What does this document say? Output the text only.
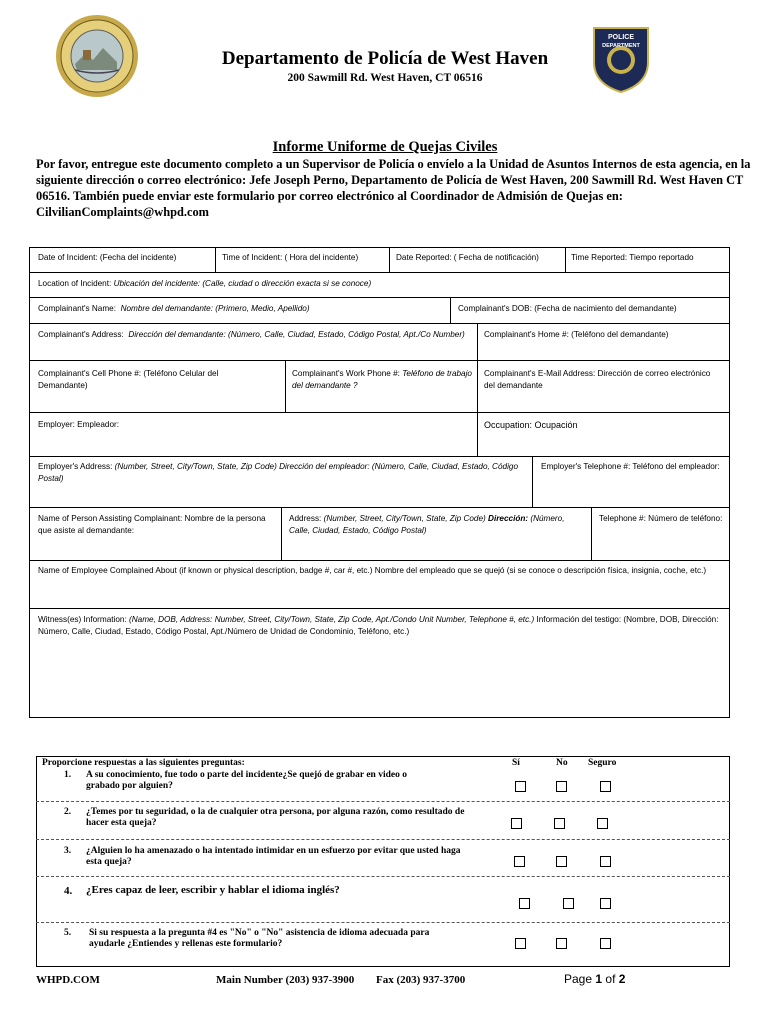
POLICE
DEPARTMENT
Departamento de Policía de West Haven
200 Sawmill Rd. West Haven, CT 06516
Informe Uniforme de Quejas Civiles
Por favor, entregue este documento completo a un Supervisor de Policía o envíelo a la Unidad de Asuntos Internos de esta agencia, en la siguiente dirección o correo electrónico: Jefe Joseph Perno, Departamento de Policía de West Haven, 200 Sawmill Rd. West Haven CT 06516. También puede enviar este formulario por correo electrónico al Coordinador de Admisión de Quejas en: CilvilianComplaints@whpd.com
Date of Incident: (Fecha del incidente)	Time of Incident: ( Hora del incidente)	Date Reported: ( Fecha de notificación)	Time Reported: Tiempo reportado
Location of Incident: Ubicación del incidente: (Calle, ciudad o dirección exacta si se conoce)
Complainant's Name: Nombre del demandante: (Primero, Medio, Apellido)	Complainant's DOB: (Fecha de nacimiento del demandante)
Complainant's Address: Dirección del demandante: (Número, Calle, Ciudad, Estado, Código Postal, Apt./Co Number)	Complainant's Home #: (Teléfono del demandante)
Complainant's Cell Phone #: (Teléfono Celular del Demandante)
Complainant's Work Phone #: Teléfono de trabajo del demandante ?
Complainant's E-Mail Address: Dirección de correo electrónico del demandante
Employer: Empleador:	Occupation: Ocupación
Employer's Address: (Number, Street, City/Town, State, Zip Code) Dirección del empleador: (Número, Calle, Ciudad, Estado, Código Postal)
Employer's Telephone #: Teléfono del empleador:
Name of Person Assisting Complainant: Nombre de la persona que asiste al demandante:
Address: (Number, Street, City/Town, State, Zip Code) Dirección: (Número, Calle, Ciudad, Estado, Código Postal)
Telephone #: Número de teléfono:
Name of Employee Complained About (if known or physical description, badge #, car #, etc.) Nombre del empleado que se quejó (si se conoce o descripción física, insignia, coche, etc.)
Witness(es) Information: (Name, DOB, Address: Number, Street, City/Town, State, Zip Code, Apt./Condo Unit Number, Telephone #, etc.) Información del testigo: (Nombre, DOB, Dirección: Número, Calle, Ciudad, Estado, Código Postal, Apt./Número de Unidad de Condominio, Teléfono, etc.)
Proporcione respuestas a las siguientes preguntas:	Sí	No Seguro
1. A su conocimiento, fue todo o parte del incidente¿Se quejó de grabar en video o grabado por alguien?
2. ¿Temes por tu seguridad, o la de cualquier otra persona, por alguna razón, como resultado de hacer esta queja?
3. ¿Alguien lo ha amenazado o ha intentado intimidar en un esfuerzo por evitar que usted haga esta queja?
4. ¿Eres capaz de leer, escribir y hablar el idioma inglés?
5. Si su respuesta a la pregunta #4 es "No" o "No" asistencia de idioma adecuada para ayudarle ¿Entiendes y rellenas este formulario?
WHPD.COM	Main Number (203) 937-3900 Fax (203) 937-3700	Page 1 of 2
